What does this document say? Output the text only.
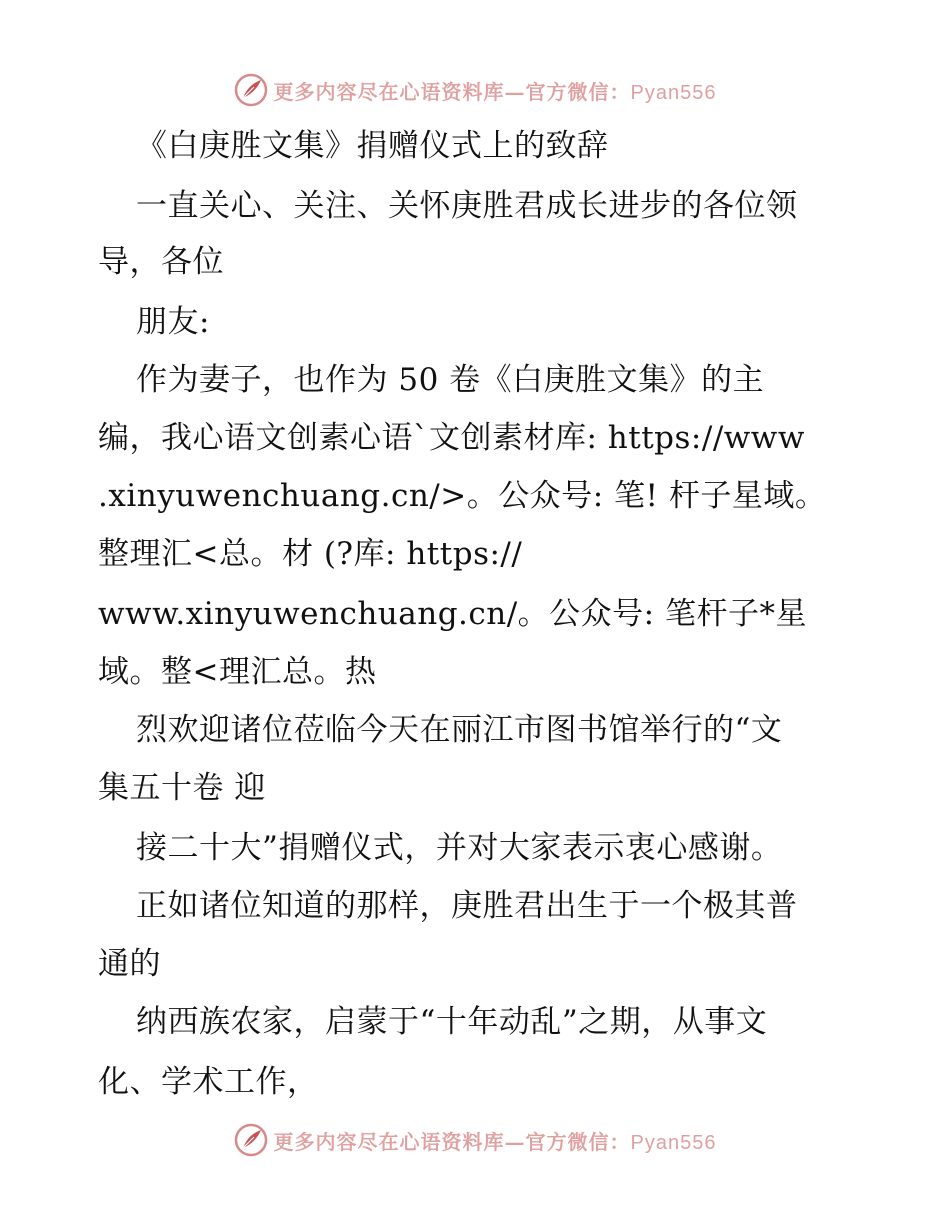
更多内容尽在心语资料库—官方微信：Pyan556
《白庚胜文集》捐赠仪式上的致辞
一直关心、关注、关怀庚胜君成长进步的各位领
导，各位
朋友:
作为妻子，也作为 50 卷《白庚胜文集》的主
编，我心语文创素心语`文创素材库: https://www
.xinyuwenchuang.cn/>。公众号: 笔! 杆子星域。
整理汇<总。材 (?库: https://
www.xinyuwenchuang.cn/。公众号: 笔杆子*星
域。整<理汇总。热
烈欢迎诸位莅临今天在丽江市图书馆举行的“文
集五十卷 迎
接二十大”捐赠仪式，并对大家表示衷心感谢。
正如诸位知道的那样，庚胜君出生于一个极其普
通的
纳西族农家，启蒙于“十年动乱”之期，从事文
化、学术工作，
更多内容尽在心语资料库—官方微信：Pyan556
